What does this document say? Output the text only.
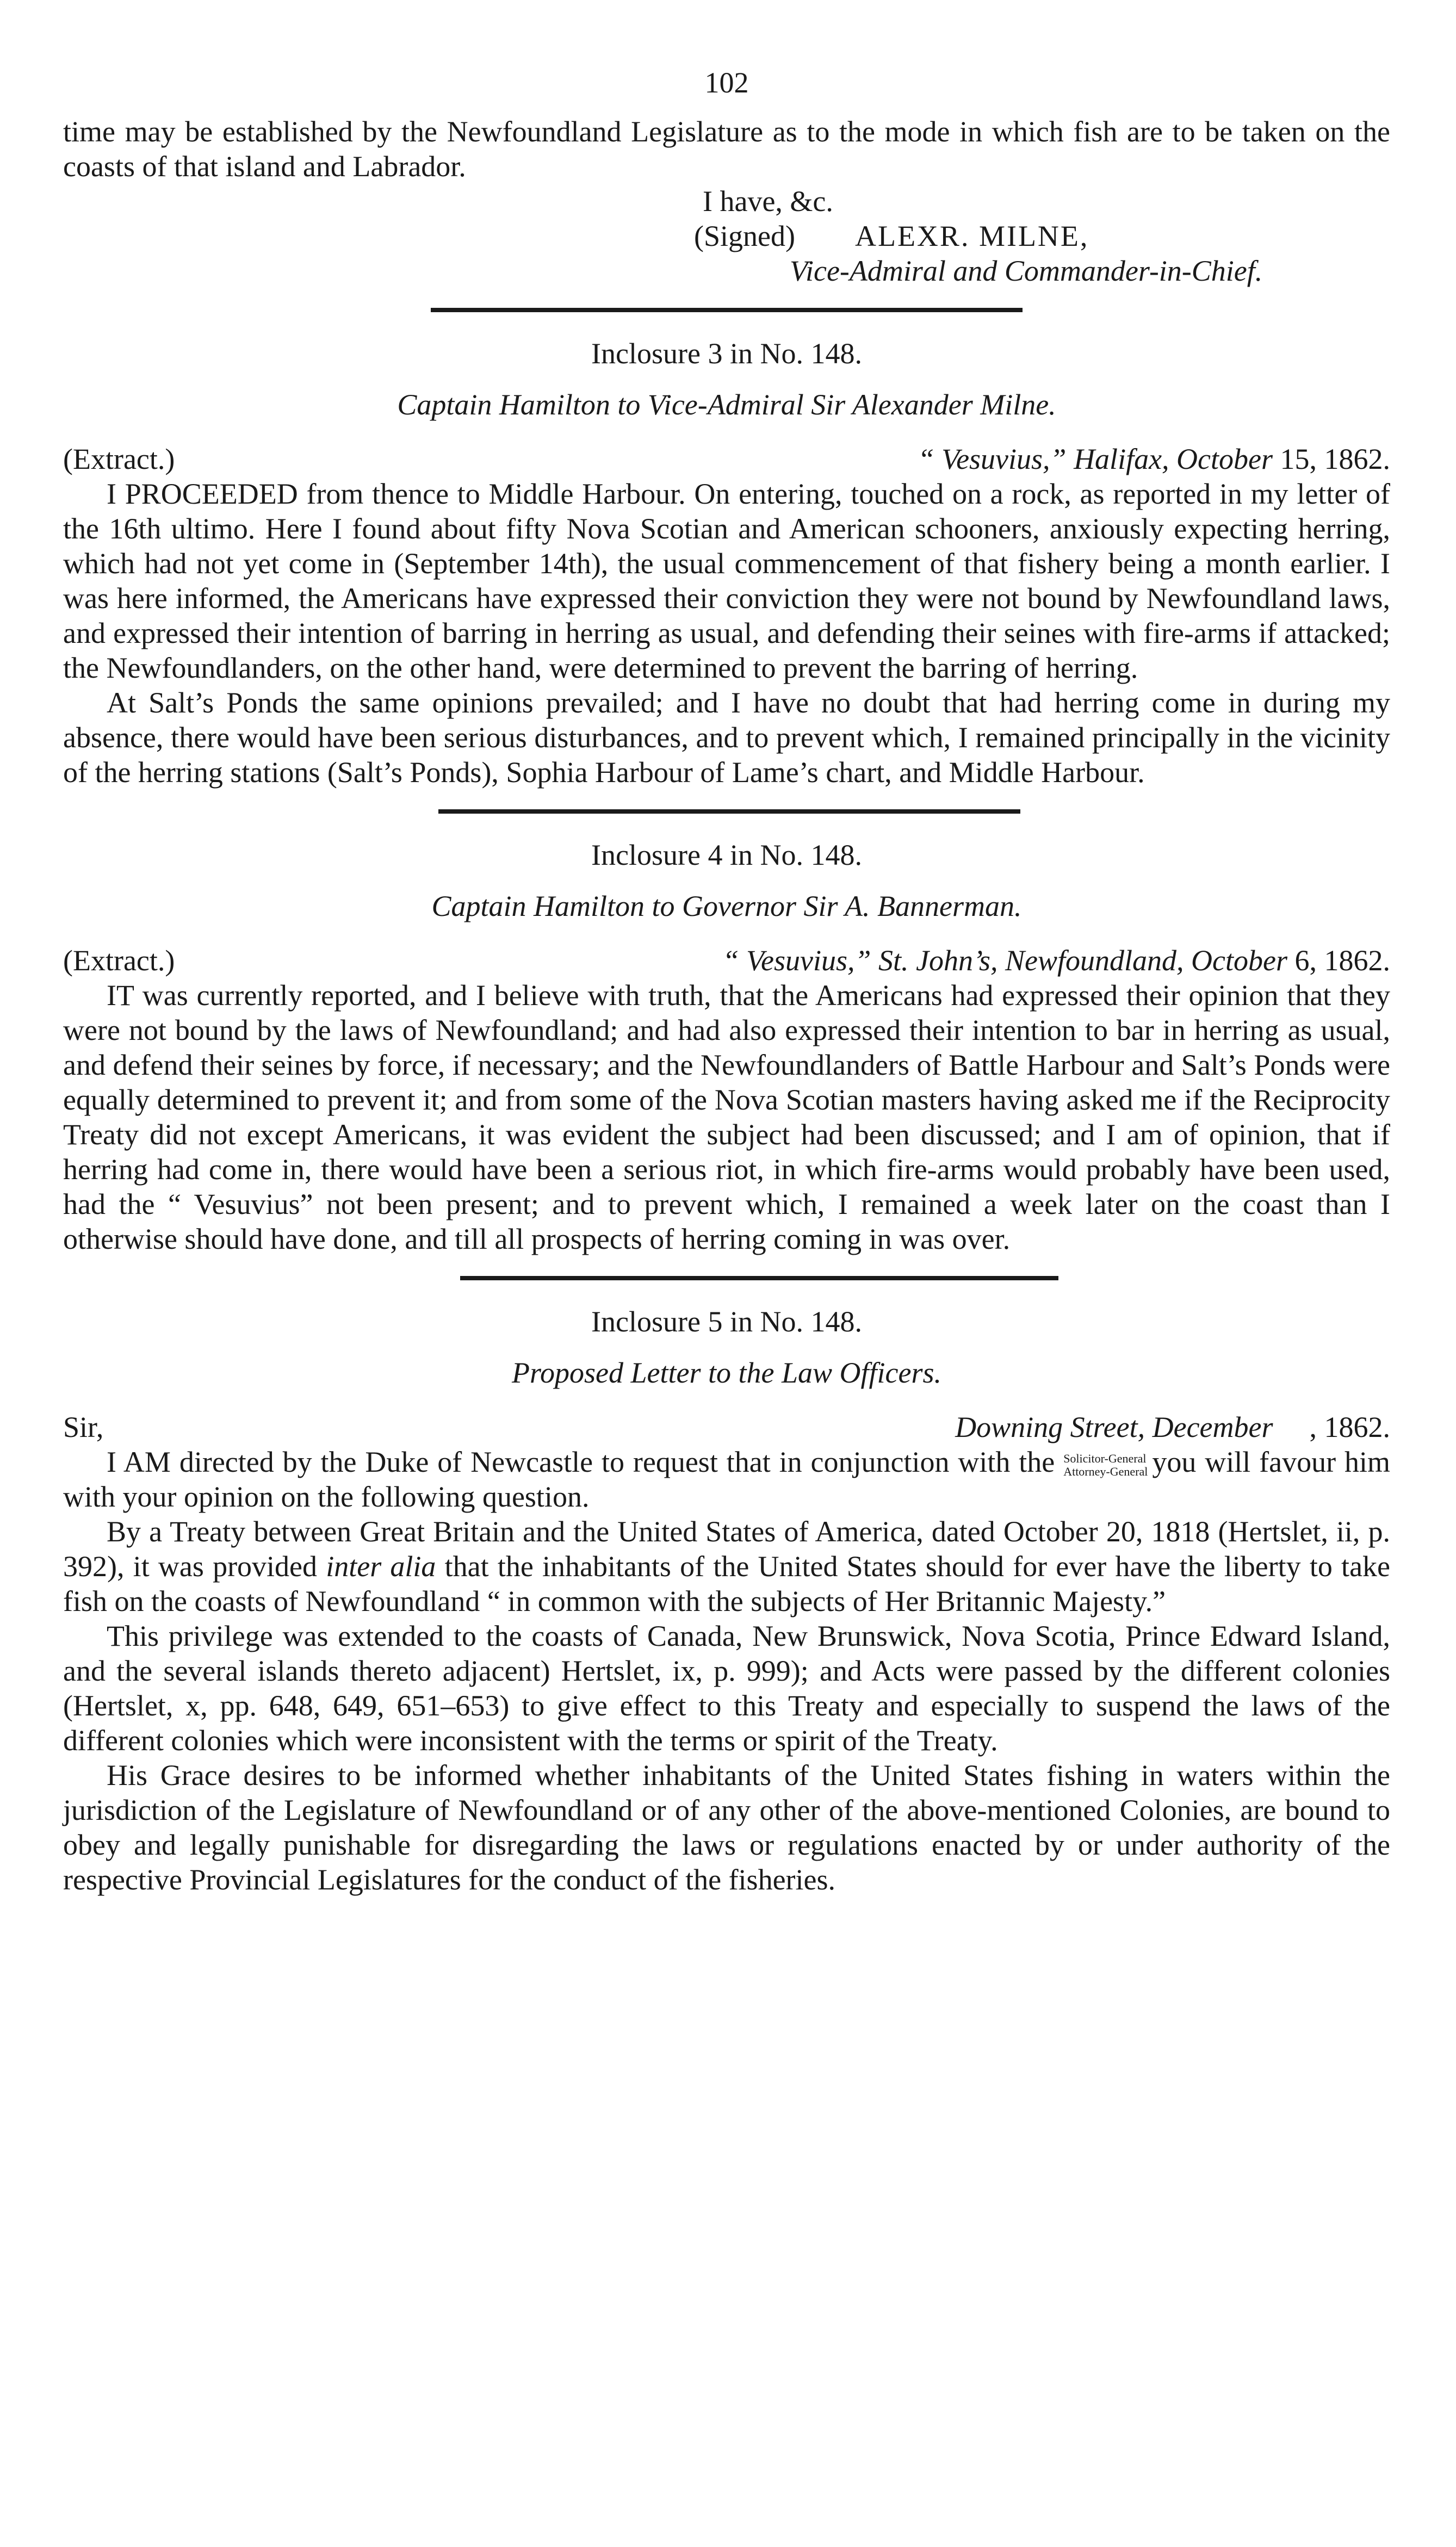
102

time may be established by the Newfoundland Legislature as to the mode in which fish are to be taken on the coasts of that island and Labrador.

I have, &c.
(Signed) ALEXR. MILNE,
Vice-Admiral and Commander-in-Chief.
Inclosure 3 in No. 148.
Captain Hamilton to Vice-Admiral Sir Alexander Milne.
(Extract.)	“ Vesuvius,” Halifax, October 15, 1862.

I PROCEEDED from thence to Middle Harbour. On entering, touched on a rock, as reported in my letter of the 16th ultimo. Here I found about fifty Nova Scotian and American schooners, anxiously expecting herring, which had not yet come in (September 14th), the usual commencement of that fishery being a month earlier. I was here informed, the Americans have expressed their conviction they were not bound by Newfoundland laws, and expressed their intention of barring in herring as usual, and defending their seines with fire-arms if attacked; the Newfoundlanders, on the other hand, were determined to prevent the barring of herring.

At Salt’s Ponds the same opinions prevailed; and I have no doubt that had herring come in during my absence, there would have been serious disturbances, and to prevent which, I remained principally in the vicinity of the herring stations (Salt’s Ponds), Sophia Harbour of Lame’s chart, and Middle Harbour.

Inclosure 4 in No. 148.
Captain Hamilton to Governor Sir A. Bannerman.
(Extract.)	“ Vesuvius,” St. John’s, Newfoundland, October 6, 1862.

IT was currently reported, and I believe with truth, that the Americans had expressed their opinion that they were not bound by the laws of Newfoundland; and had also expressed their intention to bar in herring as usual, and defend their seines by force, if necessary; and the Newfoundlanders of Battle Harbour and Salt’s Ponds were equally determined to prevent it; and from some of the Nova Scotian masters having asked me if the Reciprocity Treaty did not except Americans, it was evident the subject had been discussed; and I am of opinion, that if herring had come in, there would have been a serious riot, in which fire-arms would probably have been used, had the “ Vesuvius” not been present; and to prevent which, I remained a week later on the coast than I otherwise should have done, and till all prospects of herring coming in was over.

Inclosure 5 in No. 148.
Proposed Letter to the Law Officers.
Sir,	Downing Street, December , 1862.

I AM directed by the Duke of Newcastle to request that in conjunction with the Solicitor-General
Attorney-General you will favour him with your opinion on the following question.

By a Treaty between Great Britain and the United States of America, dated October 20, 1818 (Hertslet, ii, p. 392), it was provided inter alia that the inhabitants of the United States should for ever have the liberty to take fish on the coasts of Newfoundland “ in common with the subjects of Her Britannic Majesty.”

This privilege was extended to the coasts of Canada, New Brunswick, Nova Scotia, Prince Edward Island, and the several islands thereto adjacent) Hertslet, ix, p. 999); and Acts were passed by the different colonies (Hertslet, x, pp. 648, 649, 651–653) to give effect to this Treaty and especially to suspend the laws of the different colonies which were inconsistent with the terms or spirit of the Treaty.

His Grace desires to be informed whether inhabitants of the United States fishing in waters within the jurisdiction of the Legislature of Newfoundland or of any other of the above-mentioned Colonies, are bound to obey and legally punishable for disregarding the laws or regulations enacted by or under authority of the respective Provincial Legislatures for the conduct of the fisheries.
